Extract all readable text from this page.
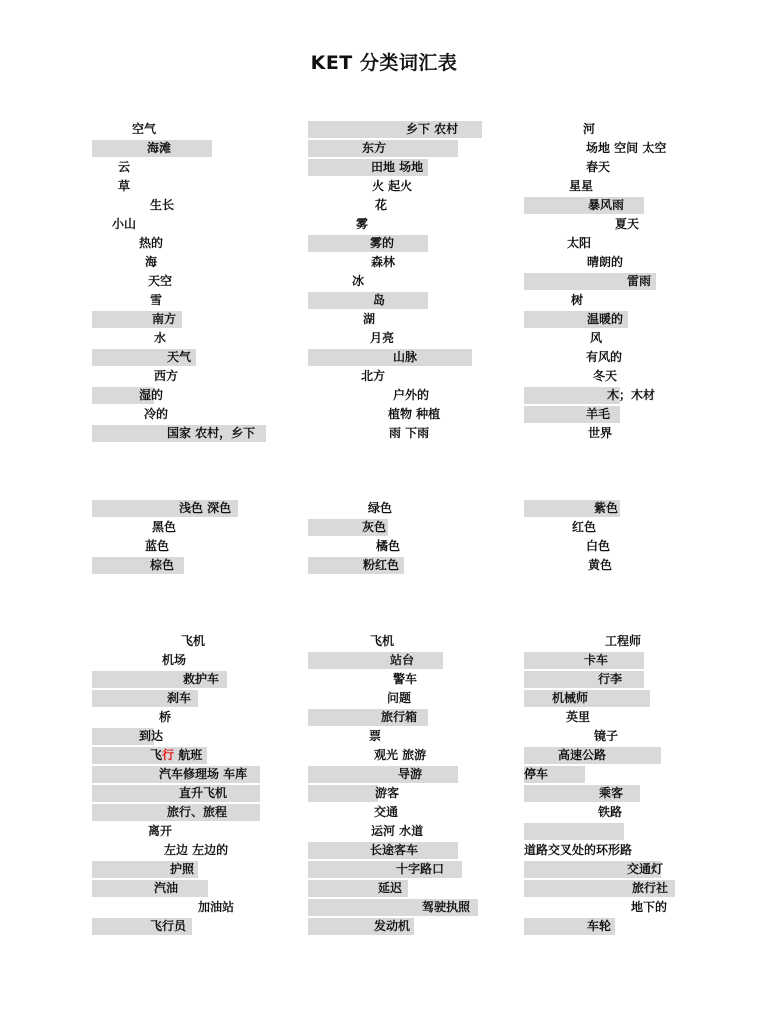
KET 分类词汇表
空气
海滩
云
草
生长
小山
热的
海
天空
雪
南方
水
天气
西方
湿的
冷的
国家 农村，乡下
乡下 农村
东方
田地 场地
火 起火
花
雾
雾的
森林
冰
岛
湖
月亮
山脉
北方
户外的
植物 种植
雨 下雨
河
场地 空间 太空
春天
星星
暴风雨
夏天
太阳
晴朗的
雷雨
树
温暖的
风
有风的
冬天
木；木材
羊毛
世界
浅色 深色
黑色
蓝色
棕色
绿色
灰色
橘色
粉红色
紫色
红色
白色
黄色
飞机
机场
救护车
刹车
桥
到达
飞行 航班
汽车修理场 车库
直升飞机
旅行、旅程
离开
左边 左边的
护照
汽油
加油站
飞行员
飞机
站台
警车
问题
旅行箱
票
观光 旅游
导游
游客
交通
运河 水道
长途客车
十字路口
延迟
驾驶执照
发动机
工程师
卡车
行李
机械师
英里
镜子
高速公路
停车
乘客
铁路
道路交叉处的环形路
交通灯
旅行社
地下的
车轮
